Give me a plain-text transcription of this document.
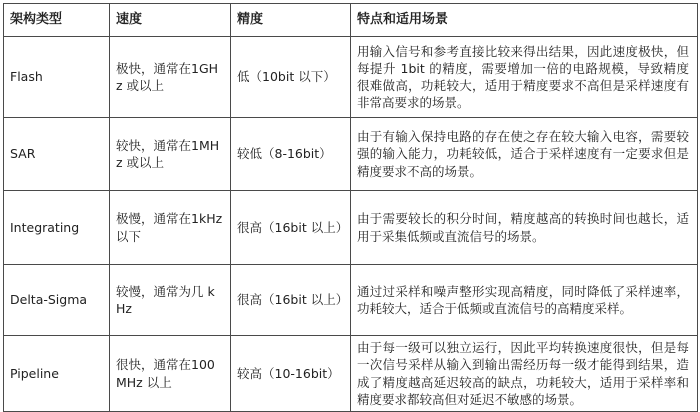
架构类型	速度	精度	特点和适用场景
Flash	极快，通常在1GHz 或以上	低（10bit 以下）	用输入信号和参考直接比较来得出结果，因此速度极快，但每提升 1bit 的精度，需要增加一倍的电路规模，导致精度很难做高，功耗较大，适用于精度要求不高但是采样速度有非常高要求的场景。
SAR	较快，通常在1MHz 或以上	较低（8-16bit）	由于有输入保持电路的存在使之存在较大输入电容，需要较强的输入能力，功耗较低，适合于采样速度有一定要求但是精度要求不高的场景。
Integrating	极慢，通常在1kHz 以下	很高（16bit 以上）	由于需要较长的积分时间，精度越高的转换时间也越长，适用于采集低频或直流信号的场景。
Delta-Sigma	较慢，通常为几 kHz	很高（16bit 以上）	通过过采样和噪声整形实现高精度，同时降低了采样速率，功耗较大，适合于低频或直流信号的高精度采样。
Pipeline	很快，通常在100MHz 以上	较高（10-16bit）	由于每一级可以独立运行，因此平均转换速度很快，但是每一次信号采样从输入到输出需经历每一级才能得到结果，造成了精度越高延迟较高的缺点，功耗较大，适用于采样率和精度要求都较高但对延迟不敏感的场景。
